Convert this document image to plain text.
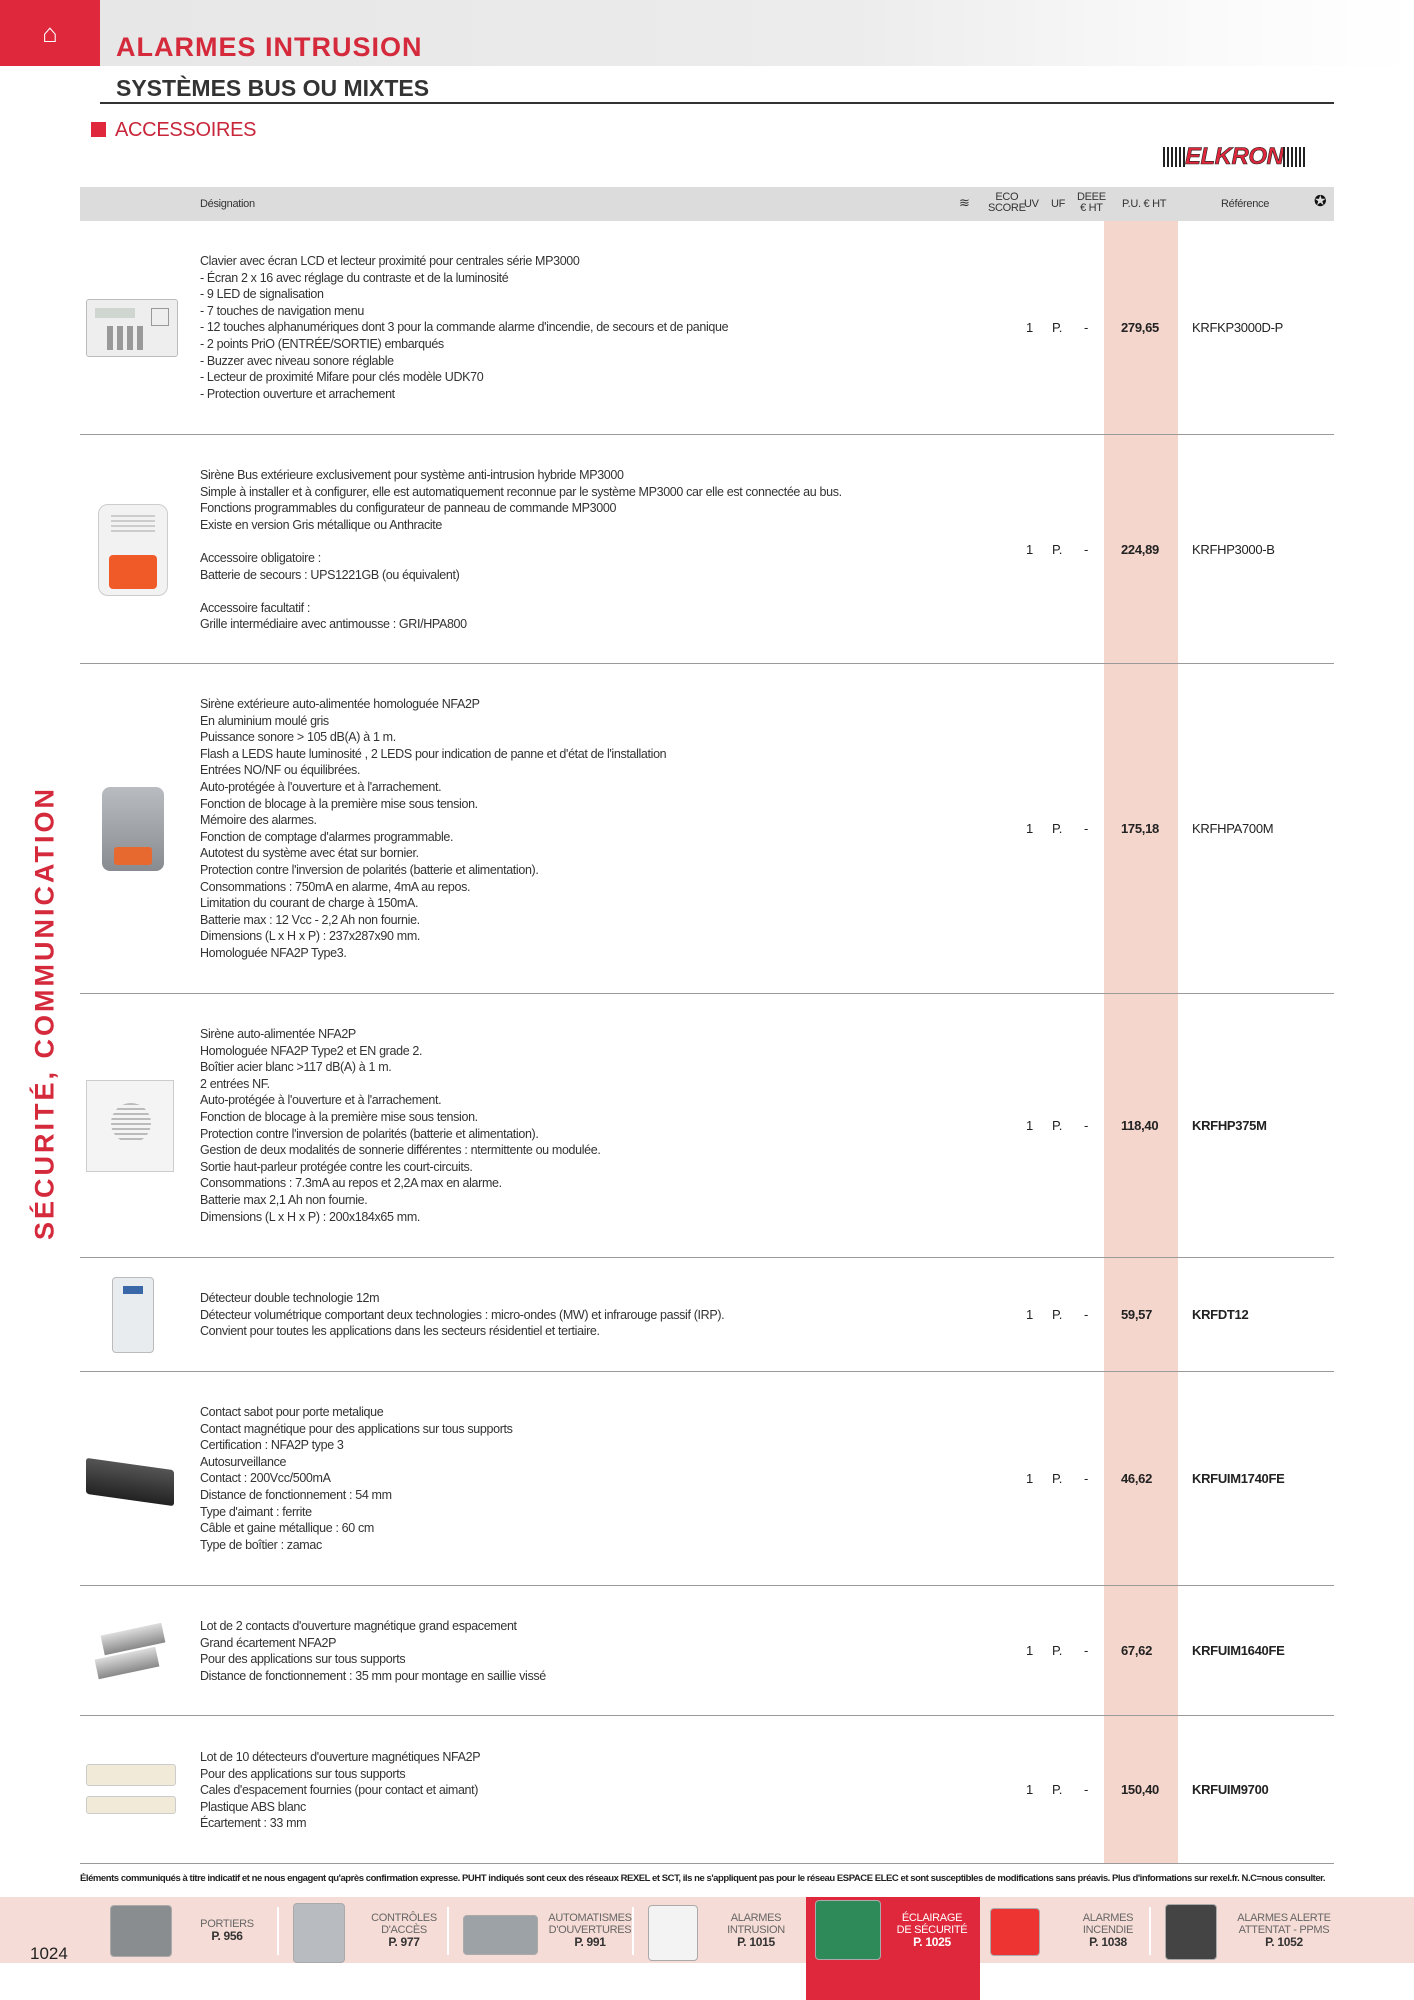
⌂ ALARMES INTRUSION
SYSTÈMES BUS OU MIXTES
ACCESSOIRES
ELKRON
SÉCURITÉ, COMMUNICATION
Désignation	≋	ECO
SCORE
UV UF
DEEE
€ HT P.U. € HT	Référence	✪
Clavier avec écran LCD et lecteur proximité pour centrales série MP3000
- Écran 2 x 16 avec réglage du contraste et de la luminosité
- 9 LED de signalisation
- 7 touches de navigation menu
- 12 touches alphanumériques dont 3 pour la commande alarme d'incendie, de secours et de panique
- 2 points PriO (ENTRÉE/SORTIE) embarqués
- Buzzer avec niveau sonore réglable
- Lecteur de proximité Mifare pour clés modèle UDK70
- Protection ouverture et arrachement
1 P. -	279,65	KRFKP3000D-P
Sirène Bus extérieure exclusivement pour système anti-intrusion hybride MP3000
Simple à installer et à configurer, elle est automatiquement reconnue par le système MP3000 car elle est connectée au bus.
Fonctions programmables du configurateur de panneau de commande MP3000
Existe en version Gris métallique ou Anthracite

Accessoire obligatoire :
Batterie de secours : UPS1221GB (ou équivalent)

Accessoire facultatif :
Grille intermédiaire avec antimousse : GRI/HPA800
1 P. -	224,89	KRFHP3000-B
Sirène extérieure auto-alimentée homologuée NFA2P
En aluminium moulé gris
Puissance sonore > 105 dB(A) à 1 m.
Flash a LEDS haute luminosité , 2 LEDS pour indication de panne et d'état de l'installation
Entrées NO/NF ou équilibrées.
Auto-protégée à l'ouverture et à l'arrachement.
Fonction de blocage à la première mise sous tension.
Mémoire des alarmes.
Fonction de comptage d'alarmes programmable.
Autotest du système avec état sur bornier.
Protection contre l'inversion de polarités (batterie et alimentation).
Consommations : 750mA en alarme, 4mA au repos.
Limitation du courant de charge à 150mA.
Batterie max : 12 Vcc - 2,2 Ah non fournie.
Dimensions (L x H x P) : 237x287x90 mm.
Homologuée NFA2P Type3.
1 P. -	175,18	KRFHPA700M
Sirène auto-alimentée NFA2P
Homologuée NFA2P Type2 et EN grade 2.
Boîtier acier blanc >117 dB(A) à 1 m.
2 entrées NF.
Auto-protégée à l'ouverture et à l'arrachement.
Fonction de blocage à la première mise sous tension.
Protection contre l'inversion de polarités (batterie et alimentation).
Gestion de deux modalités de sonnerie différentes : ntermittente ou modulée.
Sortie haut-parleur protégée contre les court-circuits.
Consommations : 7.3mA au repos et 2,2A max en alarme.
Batterie max 2,1 Ah non fournie.
Dimensions (L x H x P) : 200x184x65 mm.
1 P. -	118,40	KRFHP375M
Détecteur double technologie 12m
Détecteur volumétrique comportant deux technologies : micro-ondes (MW) et infrarouge passif (IRP).
Convient pour toutes les applications dans les secteurs résidentiel et tertiaire.
1 P. -	59,57	KRFDT12
Contact sabot pour porte metalique
Contact magnétique pour des applications sur tous supports
Certification : NFA2P type 3
Autosurveillance
Contact : 200Vcc/500mA
Distance de fonctionnement : 54 mm
Type d'aimant : ferrite
Câble et gaine métallique : 60 cm
Type de boîtier : zamac
1 P. -	46,62	KRFUIM1740FE
Lot de 2 contacts d'ouverture magnétique grand espacement
Grand écartement NFA2P
Pour des applications sur tous supports
Distance de fonctionnement : 35 mm pour montage en saillie vissé
1 P. -	67,62	KRFUIM1640FE
Lot de 10 détecteurs d'ouverture magnétiques NFA2P
Pour des applications sur tous supports
Cales d'espacement fournies (pour contact et aimant)
Plastique ABS blanc
Écartement : 33 mm
1 P. -	150,40	KRFUIM9700
Éléments communiqués à titre indicatif et ne nous engagent qu'après confirmation expresse. PUHT indiqués sont ceux des réseaux REXEL et SCT, ils ne s'appliquent pas pour le réseau ESPACE ELEC et sont susceptibles de modifications sans préavis. Plus d'informations sur rexel.fr. N.C=nous consulter.
1024
PORTIERS
P. 956
CONTRÔLES
D'ACCÈS
P. 977
AUTOMATISMES
D'OUVERTURES
P. 991
ALARMES
INTRUSION
P. 1015
ÉCLAIRAGE
DE SÉCURITÉ
P. 1025
ALARMES
INCENDIE
P. 1038
ALARMES ALERTE
ATTENTAT - PPMS
P. 1052
